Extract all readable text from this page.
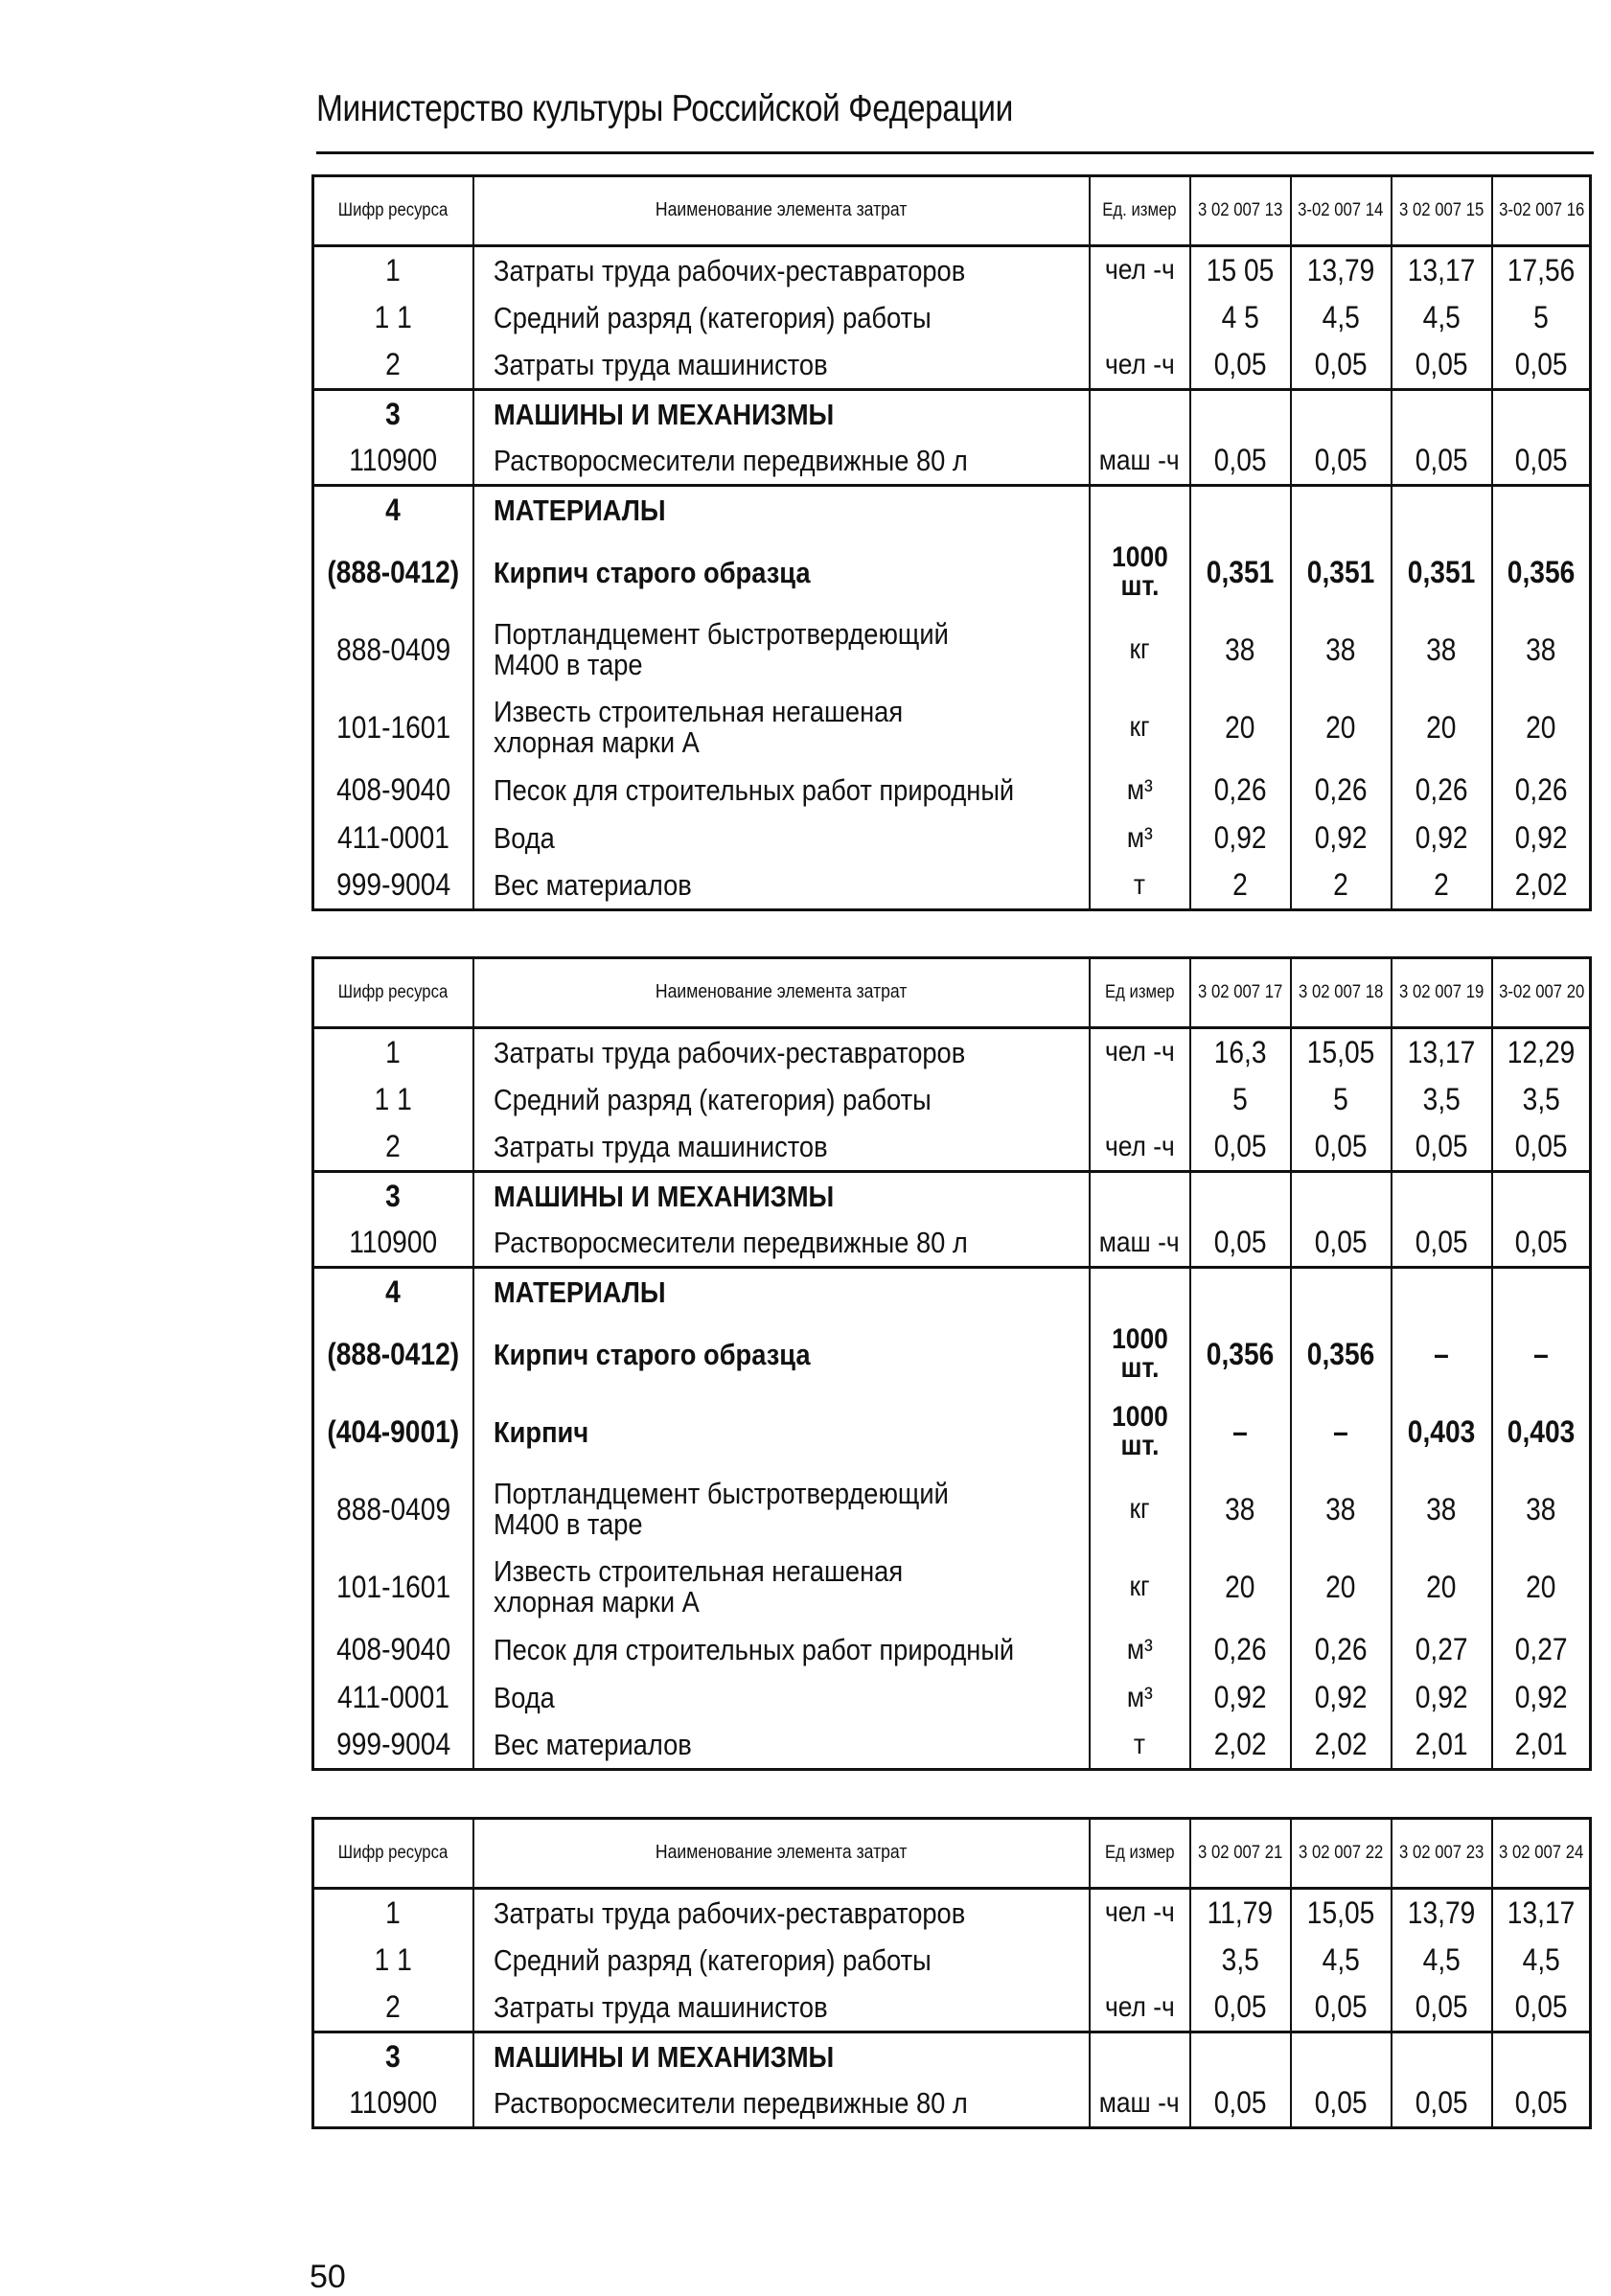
Министерство культуры Российской Федерации
Шифр ресурса	Наименование элемента затрат	Ед. измер	3 02 007 13	3-02 007 14	3 02 007 15	3-02 007 16
1	Затраты труда рабочих-реставраторов	чел -ч	15 05	13,79	13,17	17,56
1 1	Средний разряд (категория) работы		4 5	4,5	4,5	5
2	Затраты труда машинистов	чел -ч	0,05	0,05	0,05	0,05
3	МАШИНЫ И МЕХАНИЗМЫ					
110900	Растворосмесители передвижные 80 л	маш -ч	0,05	0,05	0,05	0,05
4	МАТЕРИАЛЫ					
(888-0412)	Кирпич старого образца	1000 шт.	0,351	0,351	0,351	0,356
888-0409	Портландцемент быстротвердеющий М400 в таре	кг	38	38	38	38
101-1601	Известь строительная негашеная хлорная марки А	кг	20	20	20	20
408-9040	Песок для строительных работ природный	м³	0,26	0,26	0,26	0,26
411-0001	Вода	м³	0,92	0,92	0,92	0,92
999-9004	Вес материалов	т	2	2	2	2,02
Шифр ресурса	Наименование элемента затрат	Ед измер	3 02 007 17	3 02 007 18	3 02 007 19	3-02 007 20
1	Затраты труда рабочих-реставраторов	чел -ч	16,3	15,05	13,17	12,29
1 1	Средний разряд (категория) работы		5	5	3,5	3,5
2	Затраты труда машинистов	чел -ч	0,05	0,05	0,05	0,05
3	МАШИНЫ И МЕХАНИЗМЫ					
110900	Растворосмесители передвижные 80 л	маш -ч	0,05	0,05	0,05	0,05
4	МАТЕРИАЛЫ					
(888-0412)	Кирпич старого образца	1000 шт.	0,356	0,356	–	–
(404-9001)	Кирпич	1000 шт.	–	–	0,403	0,403
888-0409	Портландцемент быстротвердеющий М400 в таре	кг	38	38	38	38
101-1601	Известь строительная негашеная хлорная марки А	кг	20	20	20	20
408-9040	Песок для строительных работ природный	м³	0,26	0,26	0,27	0,27
411-0001	Вода	м³	0,92	0,92	0,92	0,92
999-9004	Вес материалов	т	2,02	2,02	2,01	2,01
Шифр ресурса	Наименование элемента затрат	Ед измер	3 02 007 21	3 02 007 22	3 02 007 23	3 02 007 24
1	Затраты труда рабочих-реставраторов	чел -ч	11,79	15,05	13,79	13,17
1 1	Средний разряд (категория) работы		3,5	4,5	4,5	4,5
2	Затраты труда машинистов	чел -ч	0,05	0,05	0,05	0,05
3	МАШИНЫ И МЕХАНИЗМЫ					
110900	Растворосмесители передвижные 80 л	маш -ч	0,05	0,05	0,05	0,05
50
